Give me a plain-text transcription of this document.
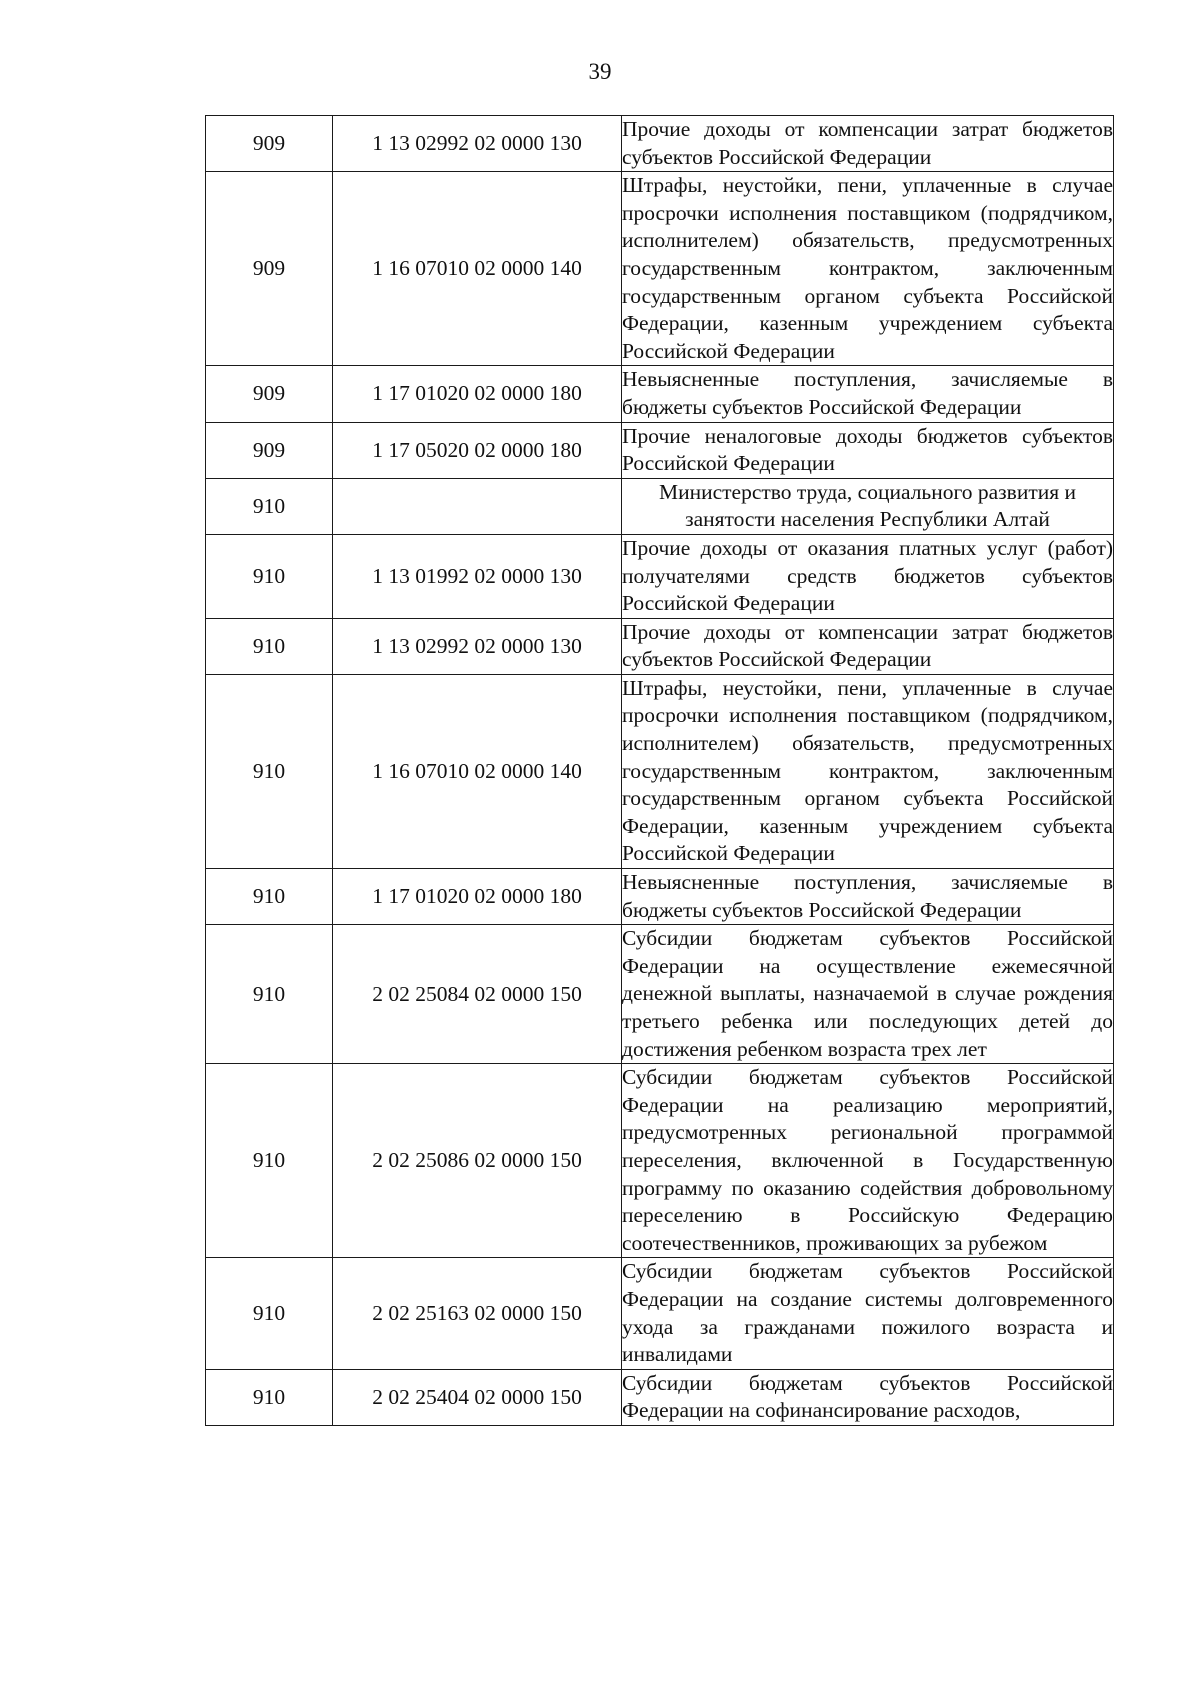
39
909	1 13 02992 02 0000 130	Прочие доходы от компенсации затрат бюджетов субъектов Российской Федерации
909	1 16 07010 02 0000 140	Штрафы, неустойки, пени, уплаченные в случае просрочки исполнения поставщиком (подрядчиком, исполнителем) обязательств, предусмотренных государственным контрактом, заключенным государственным органом субъекта Российской Федерации, казенным учреждением субъекта Российской Федерации
909	1 17 01020 02 0000 180	Невыясненные поступления, зачисляемые в бюджеты субъектов Российской Федерации
909	1 17 05020 02 0000 180	Прочие неналоговые доходы бюджетов субъектов Российской Федерации
910		Министерство труда, социального развития и занятости населения Республики Алтай
910	1 13 01992 02 0000 130	Прочие доходы от оказания платных услуг (работ) получателями средств бюджетов субъектов Российской Федерации
910	1 13 02992 02 0000 130	Прочие доходы от компенсации затрат бюджетов субъектов Российской Федерации
910	1 16 07010 02 0000 140	Штрафы, неустойки, пени, уплаченные в случае просрочки исполнения поставщиком (подрядчиком, исполнителем) обязательств, предусмотренных государственным контрактом, заключенным государственным органом субъекта Российской Федерации, казенным учреждением субъекта Российской Федерации
910	1 17 01020 02 0000 180	Невыясненные поступления, зачисляемые в бюджеты субъектов Российской Федерации
910	2 02 25084 02 0000 150	Субсидии бюджетам субъектов Российской Федерации на осуществление ежемесячной денежной выплаты, назначаемой в случае рождения третьего ребенка или последующих детей до достижения ребенком возраста трех лет
910	2 02 25086 02 0000 150	Субсидии бюджетам субъектов Российской Федерации на реализацию мероприятий, предусмотренных региональной программой переселения, включенной в Государственную программу по оказанию содействия добровольному переселению в Российскую Федерацию соотечественников, проживающих за рубежом
910	2 02 25163 02 0000 150	Субсидии бюджетам субъектов Российской Федерации на создание системы долговременного ухода за гражданами пожилого возраста и инвалидами
910	2 02 25404 02 0000 150	Субсидии бюджетам субъектов Российской Федерации на софинансирование расходов,
